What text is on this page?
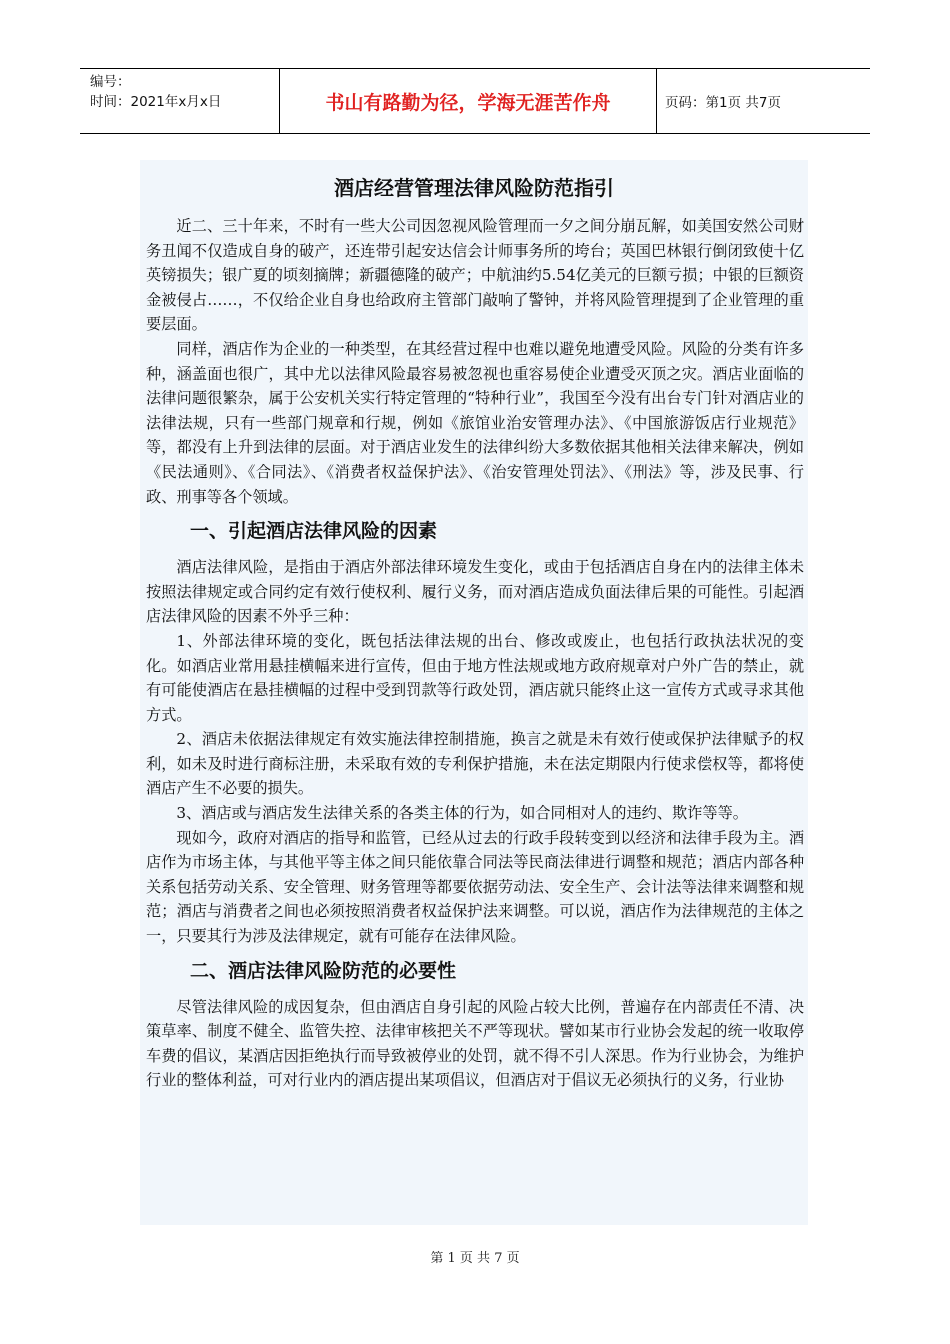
编号：
时间：2021年x月x日	书山有路勤为径，学海无涯苦作舟	页码：第1页 共7页
酒店经营管理法律风险防范指引

近二、三十年来，不时有一些大公司因忽视风险管理而一夕之间分崩瓦解，如美国安然公司财务丑闻不仅造成自身的破产，还连带引起安达信会计师事务所的垮台；英国巴林银行倒闭致使十亿英镑损失；银广夏的顷刻摘牌；新疆德隆的破产；中航油约5.54亿美元的巨额亏损；中银的巨额资金被侵占……，不仅给企业自身也给政府主管部门敲响了警钟，并将风险管理提到了企业管理的重要层面。

同样，酒店作为企业的一种类型，在其经营过程中也难以避免地遭受风险。风险的分类有许多种，涵盖面也很广，其中尤以法律风险最容易被忽视也重容易使企业遭受灭顶之灾。酒店业面临的法律问题很繁杂，属于公安机关实行特定管理的“特种行业”，我国至今没有出台专门针对酒店业的法律法规，只有一些部门规章和行规，例如《旅馆业治安管理办法》、《中国旅游饭店行业规范》等，都没有上升到法律的层面。对于酒店业发生的法律纠纷大多数依据其他相关法律来解决，例如《民法通则》、《合同法》、《消费者权益保护法》、《治安管理处罚法》、《刑法》等，涉及民事、行政、刑事等各个领域。

一、引起酒店法律风险的因素

酒店法律风险，是指由于酒店外部法律环境发生变化，或由于包括酒店自身在内的法律主体未按照法律规定或合同约定有效行使权利、履行义务，而对酒店造成负面法律后果的可能性。引起酒店法律风险的因素不外乎三种：

1、外部法律环境的变化，既包括法律法规的出台、修改或废止，也包括行政执法状况的变化。如酒店业常用悬挂横幅来进行宣传，但由于地方性法规或地方政府规章对户外广告的禁止，就有可能使酒店在悬挂横幅的过程中受到罚款等行政处罚，酒店就只能终止这一宣传方式或寻求其他方式。

2、酒店未依据法律规定有效实施法律控制措施，换言之就是未有效行使或保护法律赋予的权利，如未及时进行商标注册，未采取有效的专利保护措施，未在法定期限内行使求偿权等，都将使酒店产生不必要的损失。

3、酒店或与酒店发生法律关系的各类主体的行为，如合同相对人的违约、欺诈等等。

现如今，政府对酒店的指导和监管，已经从过去的行政手段转变到以经济和法律手段为主。酒店作为市场主体，与其他平等主体之间只能依靠合同法等民商法律进行调整和规范；酒店内部各种关系包括劳动关系、安全管理、财务管理等都要依据劳动法、安全生产、会计法等法律来调整和规范；酒店与消费者之间也必须按照消费者权益保护法来调整。可以说，酒店作为法律规范的主体之一，只要其行为涉及法律规定，就有可能存在法律风险。

二、酒店法律风险防范的必要性

尽管法律风险的成因复杂，但由酒店自身引起的风险占较大比例，普遍存在内部责任不清、决策草率、制度不健全、监管失控、法律审核把关不严等现状。譬如某市行业协会发起的统一收取停车费的倡议，某酒店因拒绝执行而导致被停业的处罚，就不得不引人深思。作为行业协会，为维护行业的整体利益，可对行业内的酒店提出某项倡议，但酒店对于倡议无必须执行的义务，行业协

第 1 页 共 7 页
